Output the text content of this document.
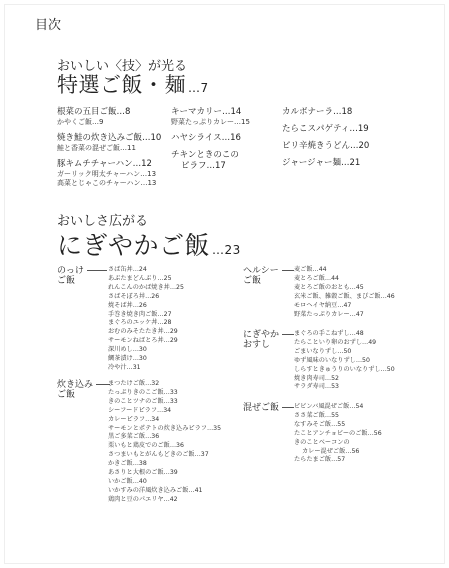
目次
おいしい〈技〉が光る
特選ご飯・麺 …7
根菜の五目ご飯…8
かやくご飯…9
焼き鮭の炊き込みご飯…10
鮭と香菜の混ぜご飯…11
豚キムチチャーハン…12
ガーリック明太チャーハン…13
高菜とじゃこのチャーハン…13
キーマカリー…14
野菜たっぷりカレー…15
ハヤシライス…16
チキンときのこの
ピラフ…17
カルボナーラ…18
たらこスパゲティ…19
ピリ辛焼きうどん…20
ジャージャー麺…21
おいしさ広がる
にぎやかご飯 …23
のっけ
ご飯
さば缶丼…24
あぶたまどんぶり…25
れんこんのかば焼き丼…25
さばそぼろ丼…26
焼そば丼…26
手巻き焼き肉ご飯…27
まぐろのユッケ丼…28
おむのみそたたき丼…29
サーモンねばとろ丼…29
深川めし…30
鯛茶漬け…30
冷や汁…31
炊き込み
ご飯
まつたけご飯…32
たっぷりきのこご飯…33
きのことツナのご飯…33
シーフードピラフ…34
カレーピラフ…34
サーモンとポテトの炊き込みピラフ…35
黒ご多菜ご飯…36
栗いもと鶏皮でのご飯…36
さつまいもとがんもどきのご飯…37
かきご飯…38
あさりと大根のご飯…39
いかご飯…40
いかすみの洋風炊き込みご飯…41
鶏肉と豆のパエリヤ…42
ヘルシー
ご飯
麦ご飯…44
麦とろご飯…44
麦とろご飯のおとも…45
玄米ご飯、雑穀ご飯、まぴご飯…46
モロヘイヤ納豆…47
野菜たっぷりカレー…47
にぎやか
おすし
まぐろの手こねずし…48
たらこといり卵のおずし…49
ごまいなりずし…50
ゆず風味のいなりずし…50
しらすときゅうりのいなりずし…50
焼き肉寿司…52
サラダ寿司…53
混ぜご飯	ビビンバ風混ぜご飯…54
ささ菜ご飯…55
なすみそご飯…55
たことアンチョビーのご飯…56
きのことベーコンの
カレー混ぜご飯…56
たらたまご飯…57
